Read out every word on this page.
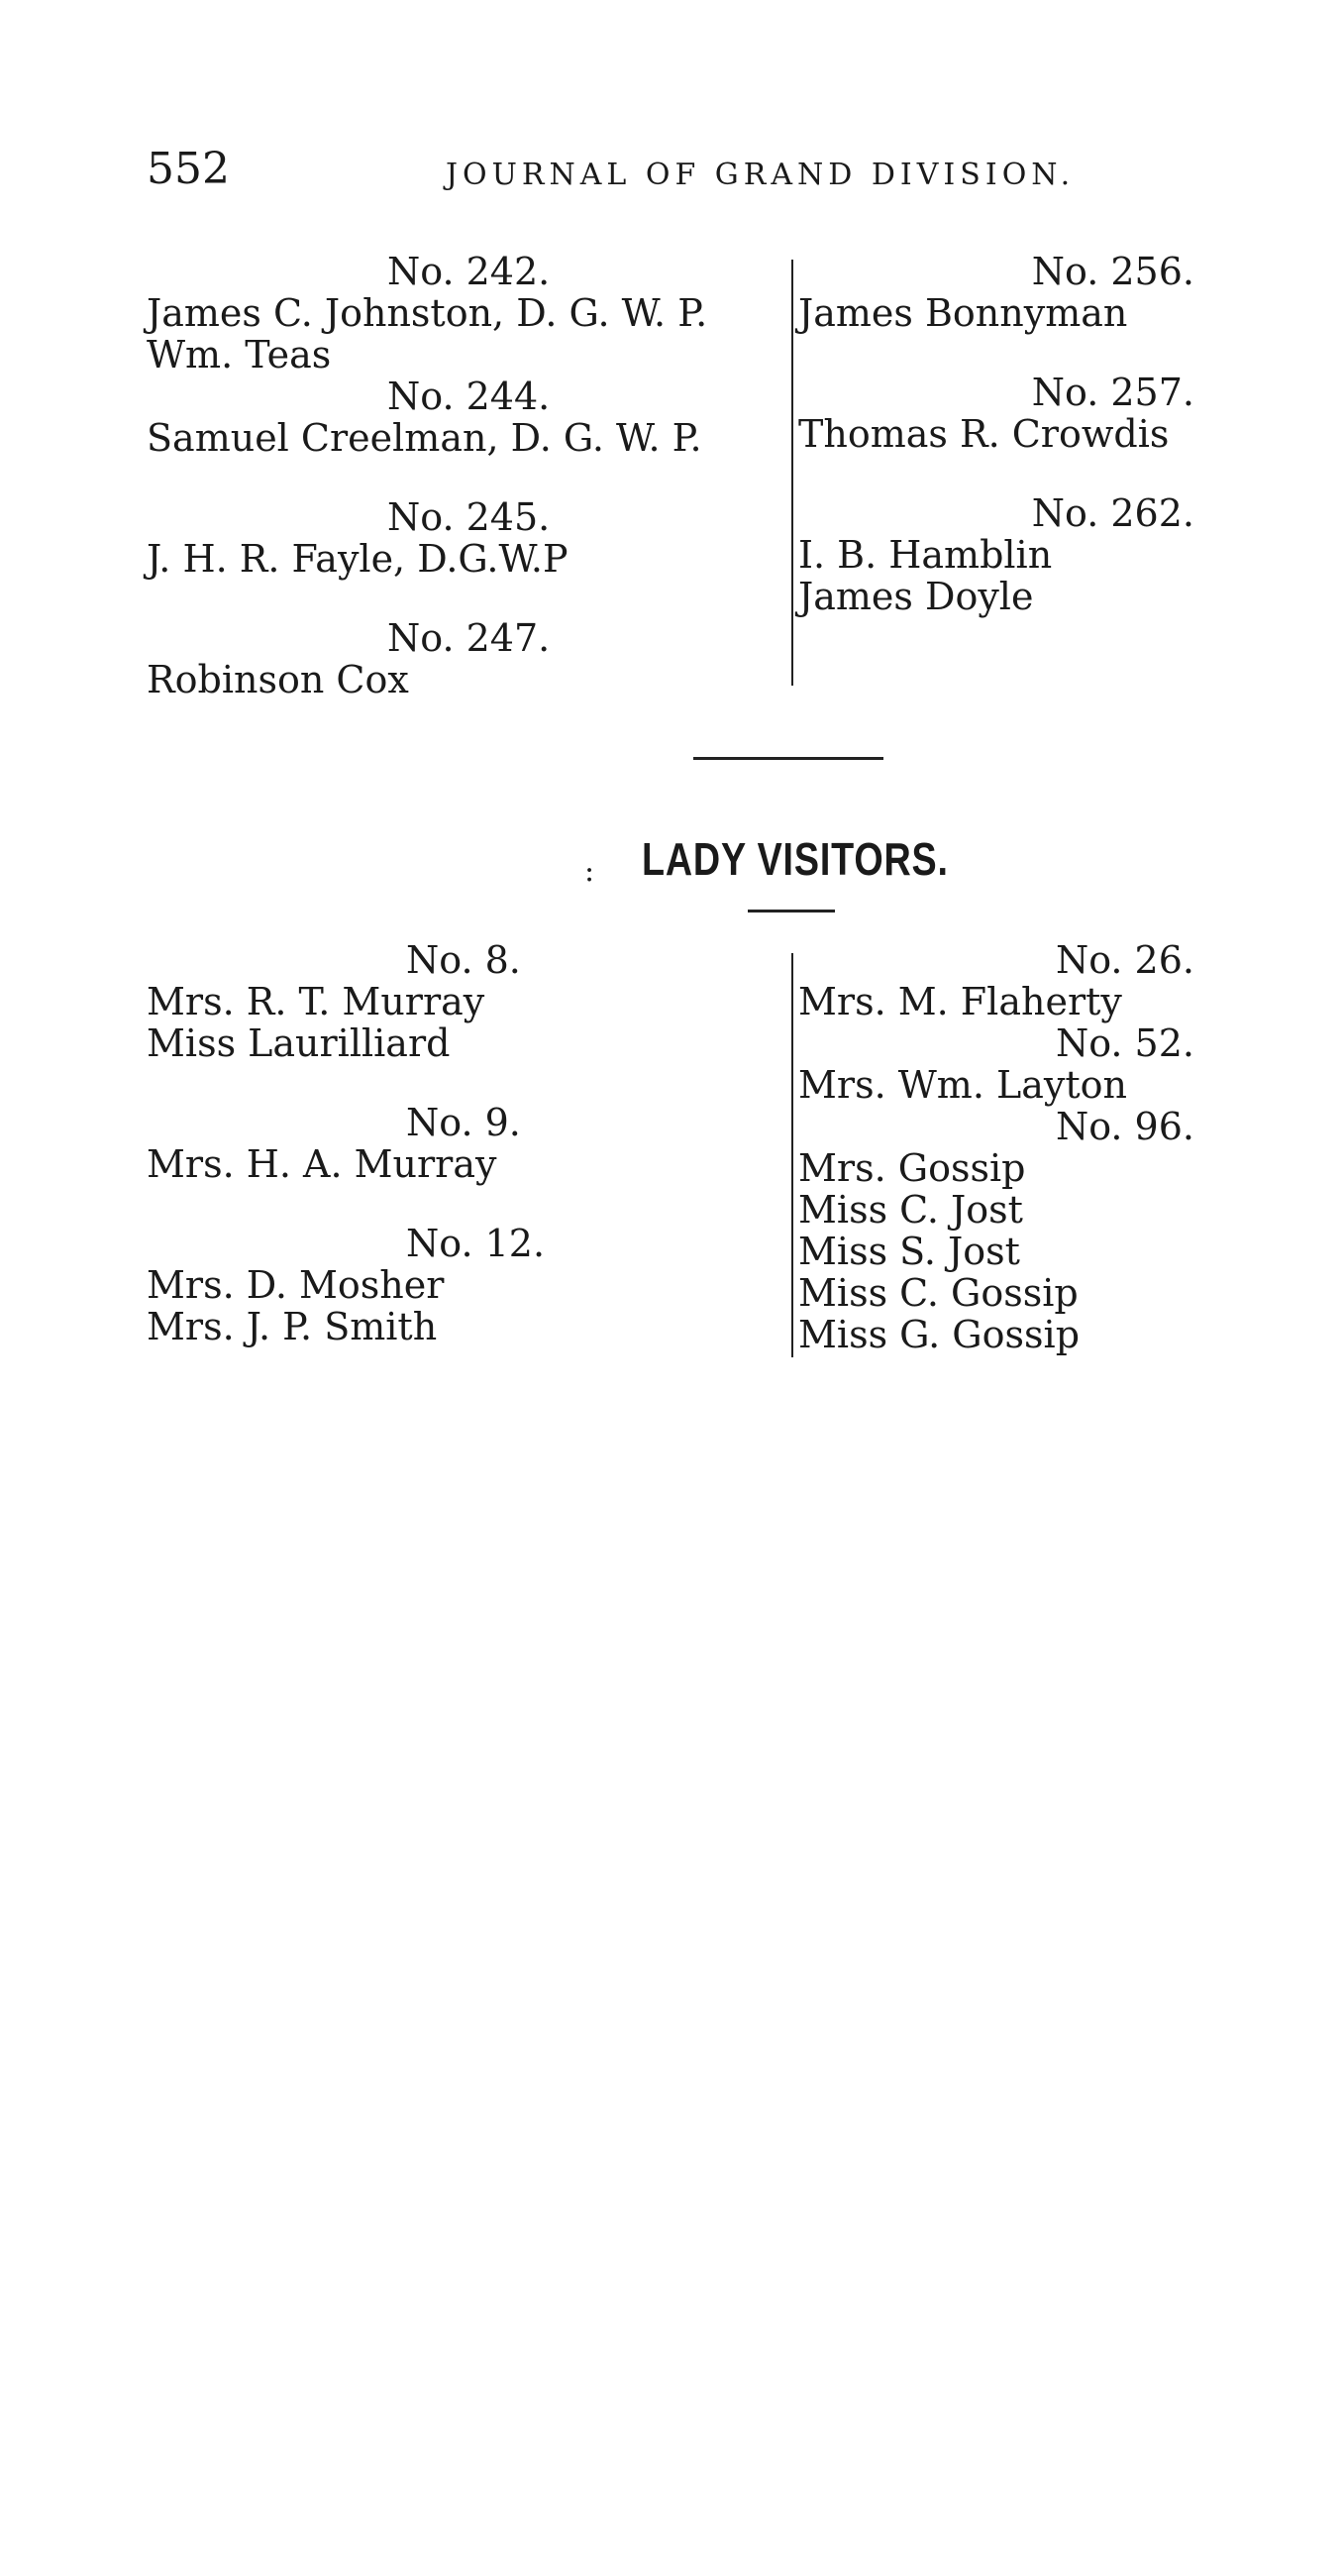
552	JOURNAL OF GRAND DIVISION.
No. 242.
James C. Johnston, D. G. W. P.
Wm. Teas
No. 244.
Samuel Creelman, D. G. W. P.
No. 245.
J. H. R. Fayle, D.G.W.P
No. 247.
Robinson Cox
No. 256.
James Bonnyman
No. 257.
Thomas R. Crowdis
No. 262.
I. B. Hamblin
James Doyle
: LADY VISITORS.
No. 8.
Mrs. R. T. Murray
Miss Laurilliard
No. 9.
Mrs. H. A. Murray
No. 12.
Mrs. D. Mosher
Mrs. J. P. Smith
No. 26.
Mrs. M. Flaherty
No. 52.
Mrs. Wm. Layton
No. 96.
Mrs. Gossip
Miss C. Jost
Miss S. Jost
Miss C. Gossip
Miss G. Gossip
